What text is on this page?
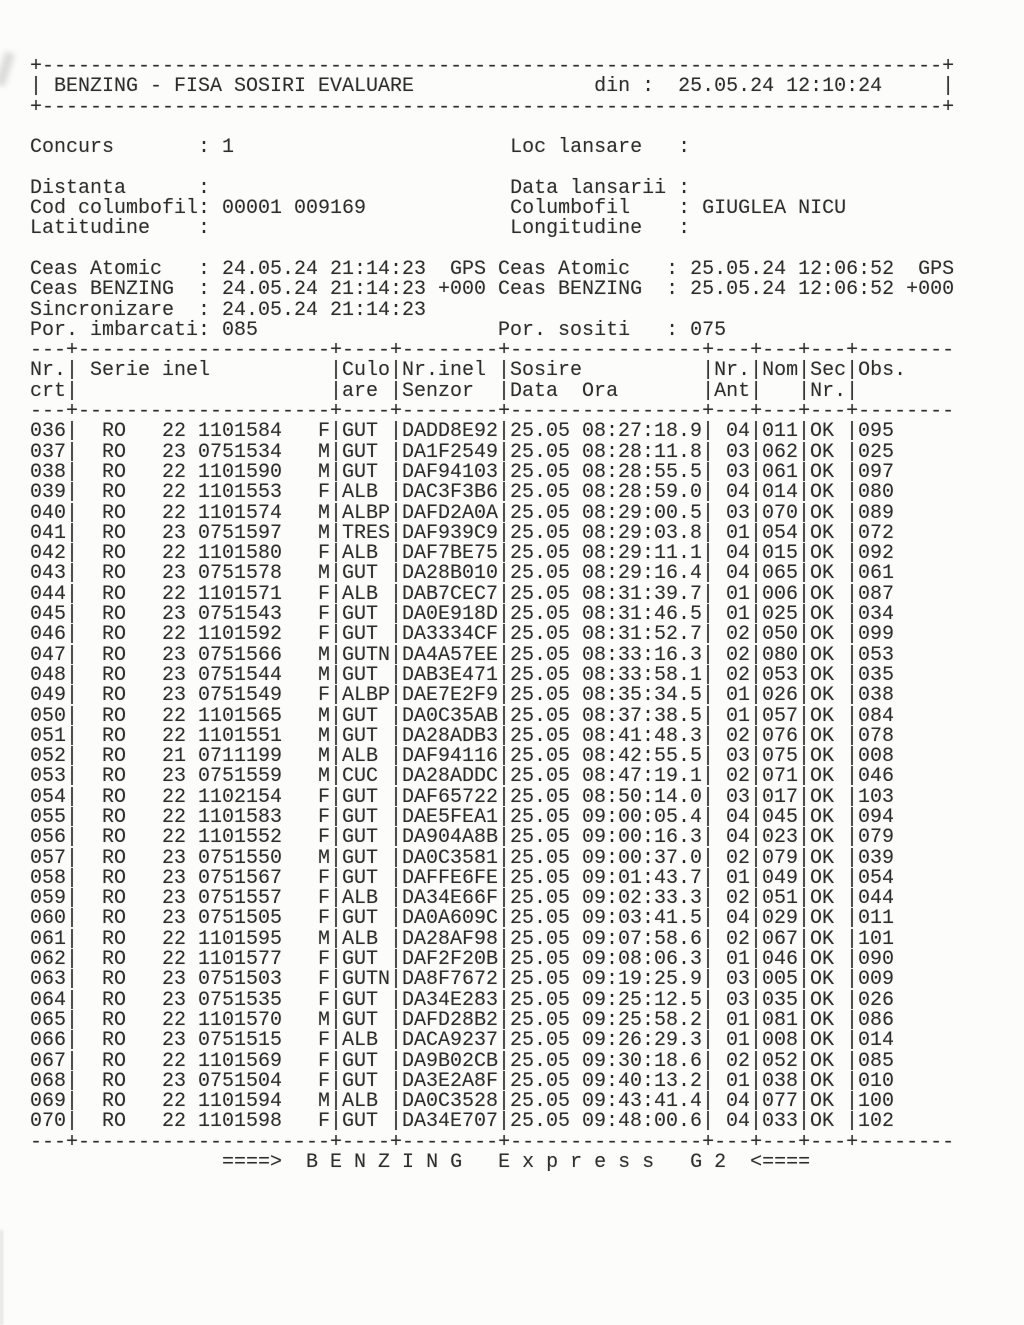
+---------------------------------------------------------------------------+
|
BENZING - FISA SOSIRI EVALUARE	din : 25.05.24 12:10:24
|
+---------------------------------------------------------------------------+
Concurs :	1	Loc lansare
:
Distanta :	Data lansarii
:
Cod columbofil : 00001 009169	Columbofil :	GIUGLEA NICU
Latitudine :	Longitudine
:
Ceas Atomic :	24.05.24 21:14:23  GPS Ceas Atomic :	25.05.24 12:06:52  GPS
Ceas BENZING :	24.05.24 21:14:23 +000 Ceas BENZING :	25.05.24 12:06:52 +000
Sincronizare :	24.05.24 21:14:23
Por. imbarcati : 085	Por. sositi :	075
---+---------------------+----+--------+----------------+---+---+---+--------
Nr. |	Serie inel |	Culo | Nr.inel |	Sosire |	Nr. | Nom | Sec | Obs.
crt | |	are |	Senzor |	Data  Ora |	Ant | |	Nr.
|
---+---------------------+----+--------+----------------+---+---+---+--------
036 |	RO	22 1101584	F | GUT |	DADD8E92 | 25.05 08:27:18.9 |	04 | 011 | OK |	095
037 |	RO	23 0751534	M | GUT |	DA1F2549 | 25.05 08:28:11.8 |	03 | 062 | OK |	025
038 |	RO	22 1101590	M | GUT |	DAF94103 | 25.05 08:28:55.5 |	03 | 061 | OK |	097
039 |	RO	22 1101553	F | ALB |	DAC3F3B6 | 25.05 08:28:59.0 |	04 | 014 | OK |	080
040 |	RO	22 1101574	M | ALBP | DAFD2A0A | 25.05 08:29:00.5 |	03 | 070 | OK |	089
041 |	RO	23 0751597	M | TRES | DAF939C9 | 25.05 08:29:03.8 |	01 | 054 | OK |	072
042 |	RO	22 1101580	F | ALB |	DAF7BE75 | 25.05 08:29:11.1 |	04 | 015 | OK |	092
043 |	RO	23 0751578	M | GUT |	DA28B010 | 25.05 08:29:16.4 |	04 | 065 | OK |	061
044 |	RO	22 1101571	F | ALB |	DAB7CEC7 | 25.05 08:31:39.7 |	01 | 006 | OK |	087
045 |	RO	23 0751543	F | GUT |	DA0E918D | 25.05 08:31:46.5 |	01 | 025 | OK |	034
046 |	RO	22 1101592	F | GUT |	DA3334CF | 25.05 08:31:52.7 |	02 | 050 | OK |	099
047 |	RO	23 0751566	M | GUTN | DA4A57EE | 25.05 08:33:16.3 |	02 | 080 | OK |	053
048 |	RO	23 0751544	M | GUT |	DAB3E471 | 25.05 08:33:58.1 |	02 | 053 | OK |	035
049 |	RO	23 0751549	F | ALBP | DAE7E2F9 | 25.05 08:35:34.5 |	01 | 026 | OK |	038
050 |	RO	22 1101565	M | GUT |	DA0C35AB | 25.05 08:37:38.5 |	01 | 057 | OK |	084
051 |	RO	22 1101551	M | GUT |	DA28ADB3 | 25.05 08:41:48.3 |	02 | 076 | OK |	078
052 |	RO	21 0711199	M | ALB |	DAF94116 | 25.05 08:42:55.5 |	03 | 075 | OK |	008
053 |	RO	23 0751559	M | CUC |	DA28ADDC | 25.05 08:47:19.1 |	02 | 071 | OK |	046
054 |	RO	22 1102154	F | GUT |	DAF65722 | 25.05 08:50:14.0 |	03 | 017 | OK |	103
055 |	RO	22 1101583	F | GUT |	DAE5FEA1 | 25.05 09:00:05.4 |	04 | 045 | OK |	094
056 |	RO	22 1101552	F | GUT |	DA904A8B | 25.05 09:00:16.3 |	04 | 023 | OK |	079
057 |	RO	23 0751550	M | GUT |	DA0C3581 | 25.05 09:00:37.0 |	02 | 079 | OK |	039
058 |	RO	23 0751567	F | GUT |	DAFFE6FE | 25.05 09:01:43.7 |	01 | 049 | OK |	054
059 |	RO	23 0751557	F | ALB |	DA34E66F | 25.05 09:02:33.3 |	02 | 051 | OK |	044
060 |	RO	23 0751505	F | GUT |	DA0A609C | 25.05 09:03:41.5 |	04 | 029 | OK |	011
061 |	RO	22 1101595	M | ALB |	DA28AF98 | 25.05 09:07:58.6 |	02 | 067 | OK |	101
062 |	RO	22 1101577	F | GUT |	DAF2F20B | 25.05 09:08:06.3 |	01 | 046 | OK |	090
063 |	RO	23 0751503	F | GUTN | DA8F7672 | 25.05 09:19:25.9 |	03 | 005 | OK |	009
064 |	RO	23 0751535	F | GUT |	DA34E283 | 25.05 09:25:12.5 |	03 | 035 | OK |	026
065 |	RO	22 1101570	M | GUT |	DAFD28B2 | 25.05 09:25:58.2 |	01 | 081 | OK |	086
066 |	RO	23 0751515	F | ALB |	DACA9237 | 25.05 09:26:29.3 |	01 | 008 | OK |	014
067 |	RO	22 1101569	F | GUT |	DA9B02CB | 25.05 09:30:18.6 |	02 | 052 | OK |	085
068 |	RO	23 0751504	F | GUT |	DA3E2A8F | 25.05 09:40:13.2 |	01 | 038 | OK |	010
069 |	RO	22 1101594	M | ALB |	DA0C3528 | 25.05 09:43:41.4 |	04 | 077 | OK |	100
070 |	RO	22 1101598	F | GUT |	DA34E707 | 25.05 09:48:00.6 |	04 | 033 | OK |	102
---+---------------------+----+--------+----------------+---+---+---+--------
====>  B E N Z I N G   E x p r e s s   G 2  <====
